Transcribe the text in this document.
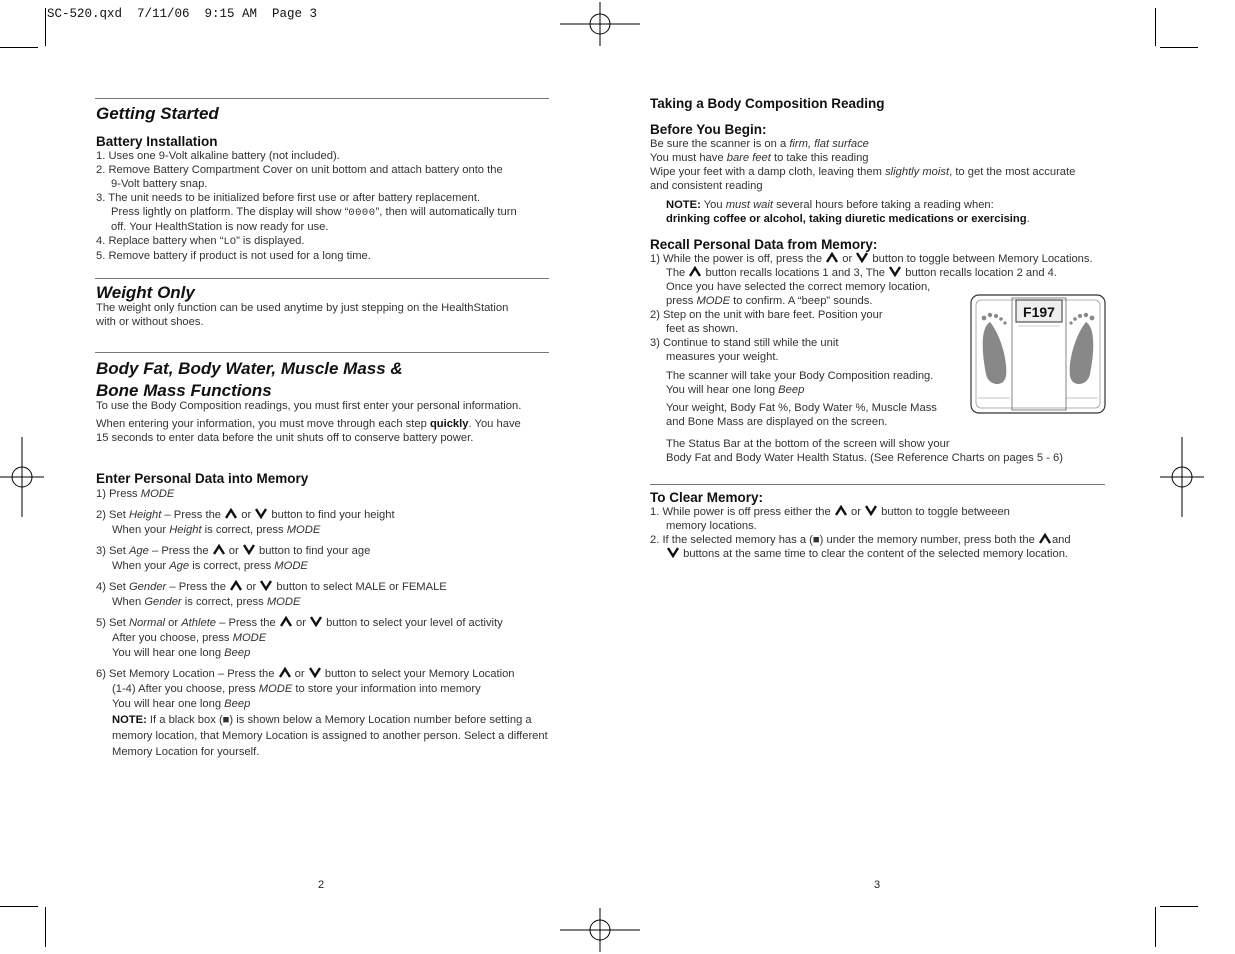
SC-520.qxd  7/11/06  9:15 AM  Page 3
Getting Started
Battery Installation
1. Uses one 9-Volt alkaline battery (not included).
2. Remove Battery Compartment Cover on unit bottom and attach battery onto the
9-Volt battery snap.
3. The unit needs to be initialized before first use or after battery replacement.
Press lightly on platform. The display will show “0000”, then will automatically turn
off. Your HealthStation is now ready for use.
4. Replace battery when “LO” is displayed.
5. Remove battery if product is not used for a long time.
Weight Only
The weight only function can be used anytime by just stepping on the HealthStation
with or without shoes.
Body Fat, Body Water, Muscle Mass &
Bone Mass Functions
To use the Body Composition readings, you must first enter your personal information.
When entering your information, you must move through each step quickly. You have
15 seconds to enter data before the unit shuts off to conserve battery power.
Enter Personal Data into Memory
1) Press MODE
2) Set Height – Press the  or  button to find your height
When your Height is correct, press MODE
3) Set Age – Press the  or  button to find your age
When your Age is correct, press MODE
4) Set Gender – Press the  or  button to select MALE or FEMALE
When Gender is correct, press MODE
5) Set Normal or Athlete – Press the  or  button to select your level of activity
After you choose, press MODE
You will hear one long Beep
6) Set Memory Location – Press the  or  button to select your Memory Location
(1-4) After you choose, press MODE to store your information into memory
You will hear one long Beep
NOTE: If a black box (■) is shown below a Memory Location number before setting a
memory location, that Memory Location is assigned to another person. Select a different
Memory Location for yourself.
2
Taking a Body Composition Reading
Before You Begin:
Be sure the scanner is on a firm, flat surface
You must have bare feet to take this reading
Wipe your feet with a damp cloth, leaving them slightly moist, to get the most accurate
and consistent reading
NOTE: You must wait several hours before taking a reading when:
drinking coffee or alcohol, taking diuretic medications or exercising.
Recall Personal Data from Memory:
1) While the power is off, press the  or  button to toggle between Memory Locations.
The  button recalls locations 1 and 3, The  button recalls location 2 and 4.
Once you have selected the correct memory location,
press MODE to confirm. A “beep” sounds.
2) Step on the unit with bare feet. Position your
feet as shown.
3) Continue to stand still while the unit
measures your weight.
The scanner will take your Body Composition reading.
You will hear one long Beep
Your weight, Body Fat %, Body Water %, Muscle Mass
and Bone Mass are displayed on the screen.
The Status Bar at the bottom of the screen will show your
Body Fat and Body Water Health Status. (See Reference Charts on pages 5 - 6)
F197
To Clear Memory:
1. While power is off press either the  or  button to toggle betweeen
memory locations.
2. If the selected memory has a (■) under the memory number, press both the and
buttons at the same time to clear the content of the selected memory location.
3
